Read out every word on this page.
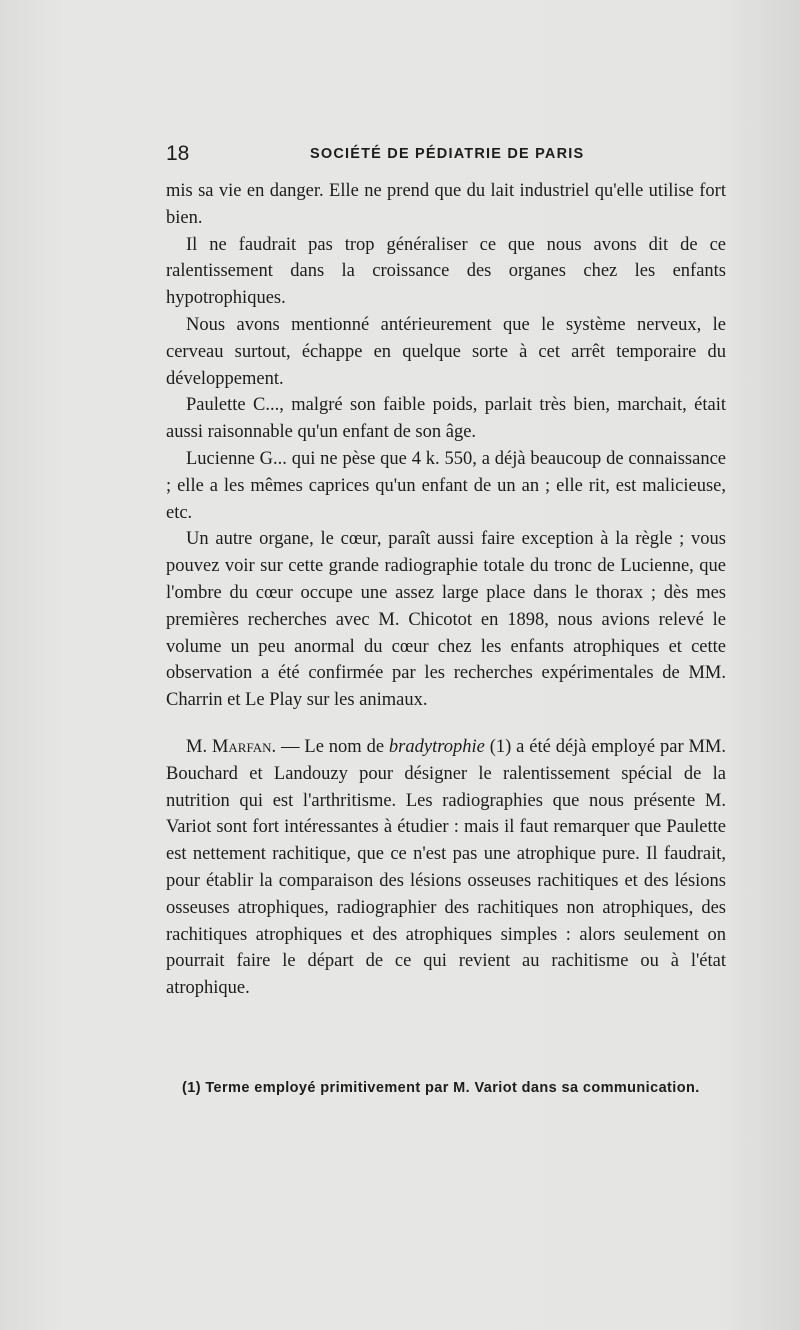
18	SOCIÉTÉ DE PÉDIATRIE DE PARIS

mis sa vie en danger. Elle ne prend que du lait industriel qu'elle utilise fort bien.

Il ne faudrait pas trop généraliser ce que nous avons dit de ce ralentissement dans la croissance des organes chez les enfants hypotrophiques.

Nous avons mentionné antérieurement que le système nerveux, le cerveau surtout, échappe en quelque sorte à cet arrêt temporaire du développement.

Paulette C..., malgré son faible poids, parlait très bien, marchait, était aussi raisonnable qu'un enfant de son âge.

Lucienne G... qui ne pèse que 4 k. 550, a déjà beaucoup de connaissance ; elle a les mêmes caprices qu'un enfant de un an ; elle rit, est malicieuse, etc.

Un autre organe, le cœur, paraît aussi faire exception à la règle ; vous pouvez voir sur cette grande radiographie totale du tronc de Lucienne, que l'ombre du cœur occupe une assez large place dans le thorax ; dès mes premières recherches avec M. Chicotot en 1898, nous avions relevé le volume un peu anormal du cœur chez les enfants atrophiques et cette observation a été confirmée par les recherches expérimentales de MM. Charrin et Le Play sur les animaux.

M. Marfan. — Le nom de bradytrophie (1) a été déjà employé par MM. Bouchard et Landouzy pour désigner le ralentissement spécial de la nutrition qui est l'arthritisme. Les radiographies que nous présente M. Variot sont fort intéressantes à étudier : mais il faut remarquer que Paulette est nettement rachitique, que ce n'est pas une atrophique pure. Il faudrait, pour établir la comparaison des lésions osseuses rachitiques et des lésions osseuses atrophiques, radiographier des rachitiques non atrophiques, des rachitiques atrophiques et des atrophiques simples : alors seulement on pourrait faire le départ de ce qui revient au rachitisme ou à l'état atrophique.

(1) Terme employé primitivement par M. Variot dans sa communication.
